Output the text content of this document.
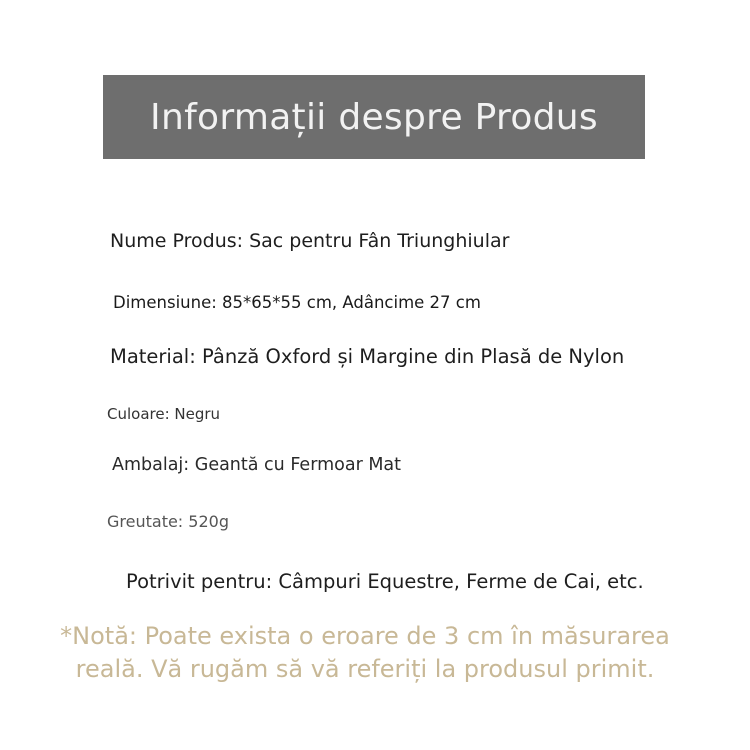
Informații despre Produs
Nume Produs: Sac pentru Fân Triunghiular
Dimensiune: 85*65*55 cm, Adâncime 27 cm
Material: Pânză Oxford și Margine din Plasă de Nylon
Culoare: Negru
Ambalaj: Geantă cu Fermoar Mat
Greutate: 520g
Potrivit pentru: Câmpuri Equestre, Ferme de Cai, etc.
*Notă: Poate exista o eroare de 3 cm în măsurarea
reală. Vă rugăm să vă referiți la produsul primit.
